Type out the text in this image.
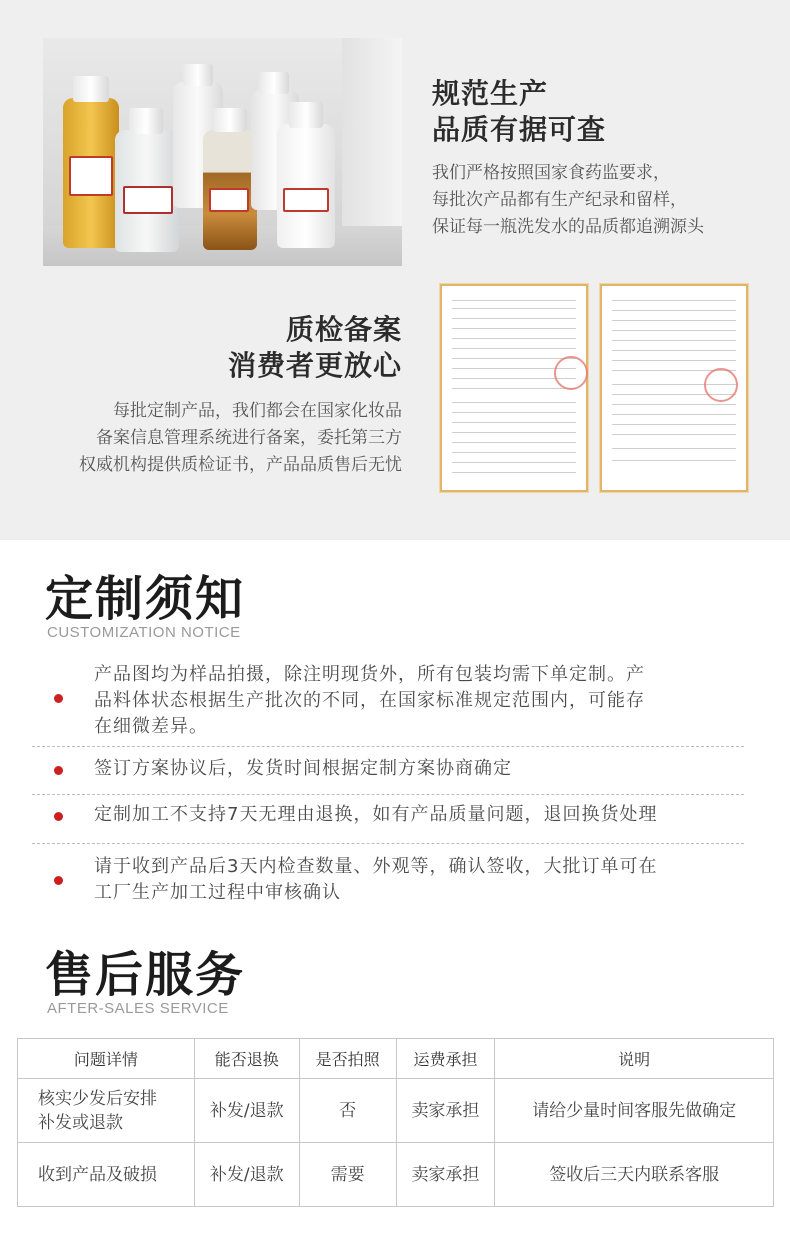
规范生产
品质有据可查
我们严格按照国家食药监要求，
每批次产品都有生产纪录和留样，
保证每一瓶洗发水的品质都追溯源头
质检备案
消费者更放心
每批定制产品，我们都会在国家化妆品
备案信息管理系统进行备案，委托第三方
权威机构提供质检证书，产品品质售后无忧
定制须知
CUSTOMIZATION NOTICE
产品图均为样品拍摄，除注明现货外，所有包装均需下单定制。产
品料体状态根据生产批次的不同，在国家标准规定范围内，可能存
在细微差异。
签订方案协议后，发货时间根据定制方案协商确定
定制加工不支持7天无理由退换，如有产品质量问题，退回换货处理
请于收到产品后3天内检查数量、外观等，确认签收，大批订单可在
工厂生产加工过程中审核确认
售后服务
AFTER-SALES SERVICE
问题详情	能否退换	是否拍照	运费承担	说明

核实少发后安排
补发或退款	补发/退款	否	卖家承担	请给少量时间客服先做确定

收到产品及破损	补发/退款	需要	卖家承担	签收后三天内联系客服
